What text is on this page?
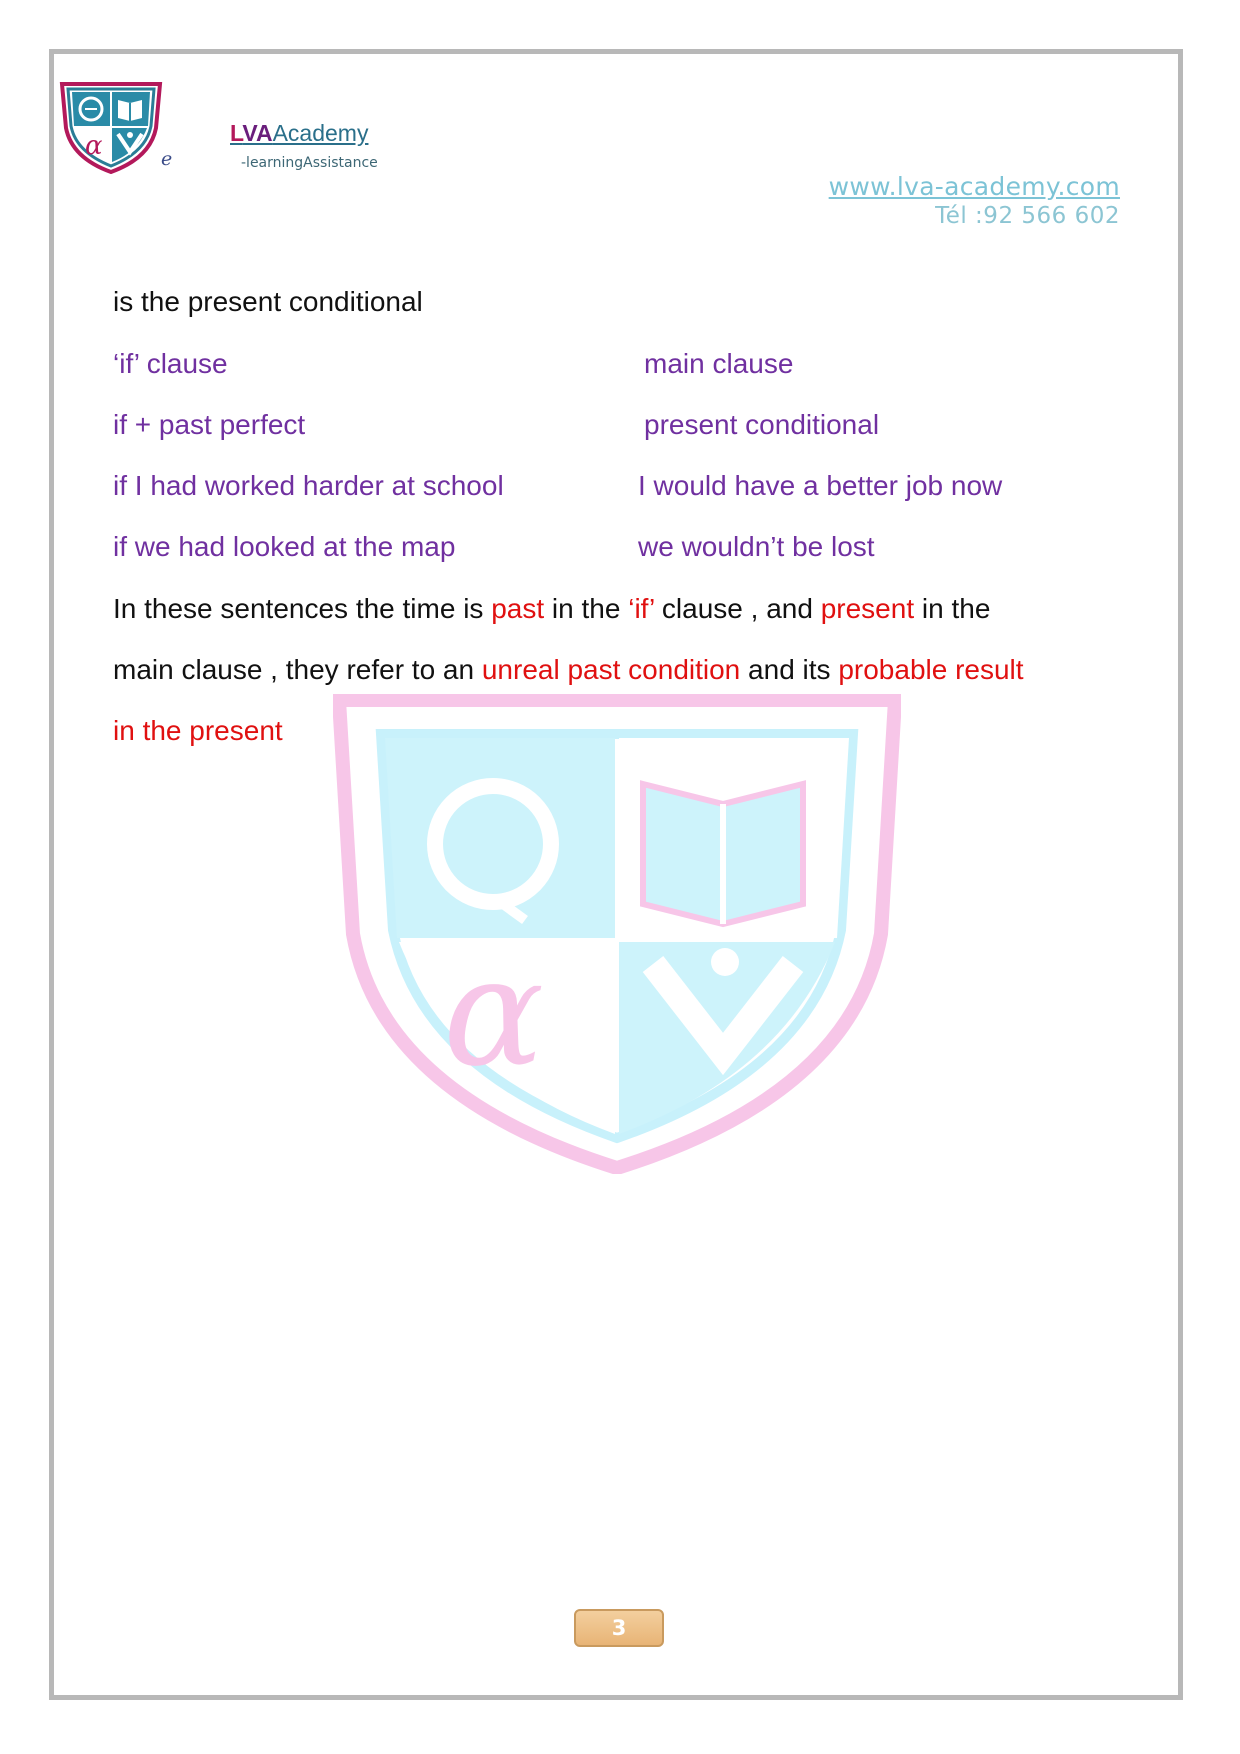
α	e
LVAAcademy
-learningAssistance
www.lva-academy.com
Tél :92 566 602
α
is the present conditional
‘if’ clause	main clause
if + past perfect	present conditional
if I had worked harder at school	I would have a better job now
if we had looked at the map	we wouldn’t be lost
In these sentences the time is past in the ‘if’ clause , and present in the
main clause , they refer to an unreal past condition and its probable result
in the present
3
